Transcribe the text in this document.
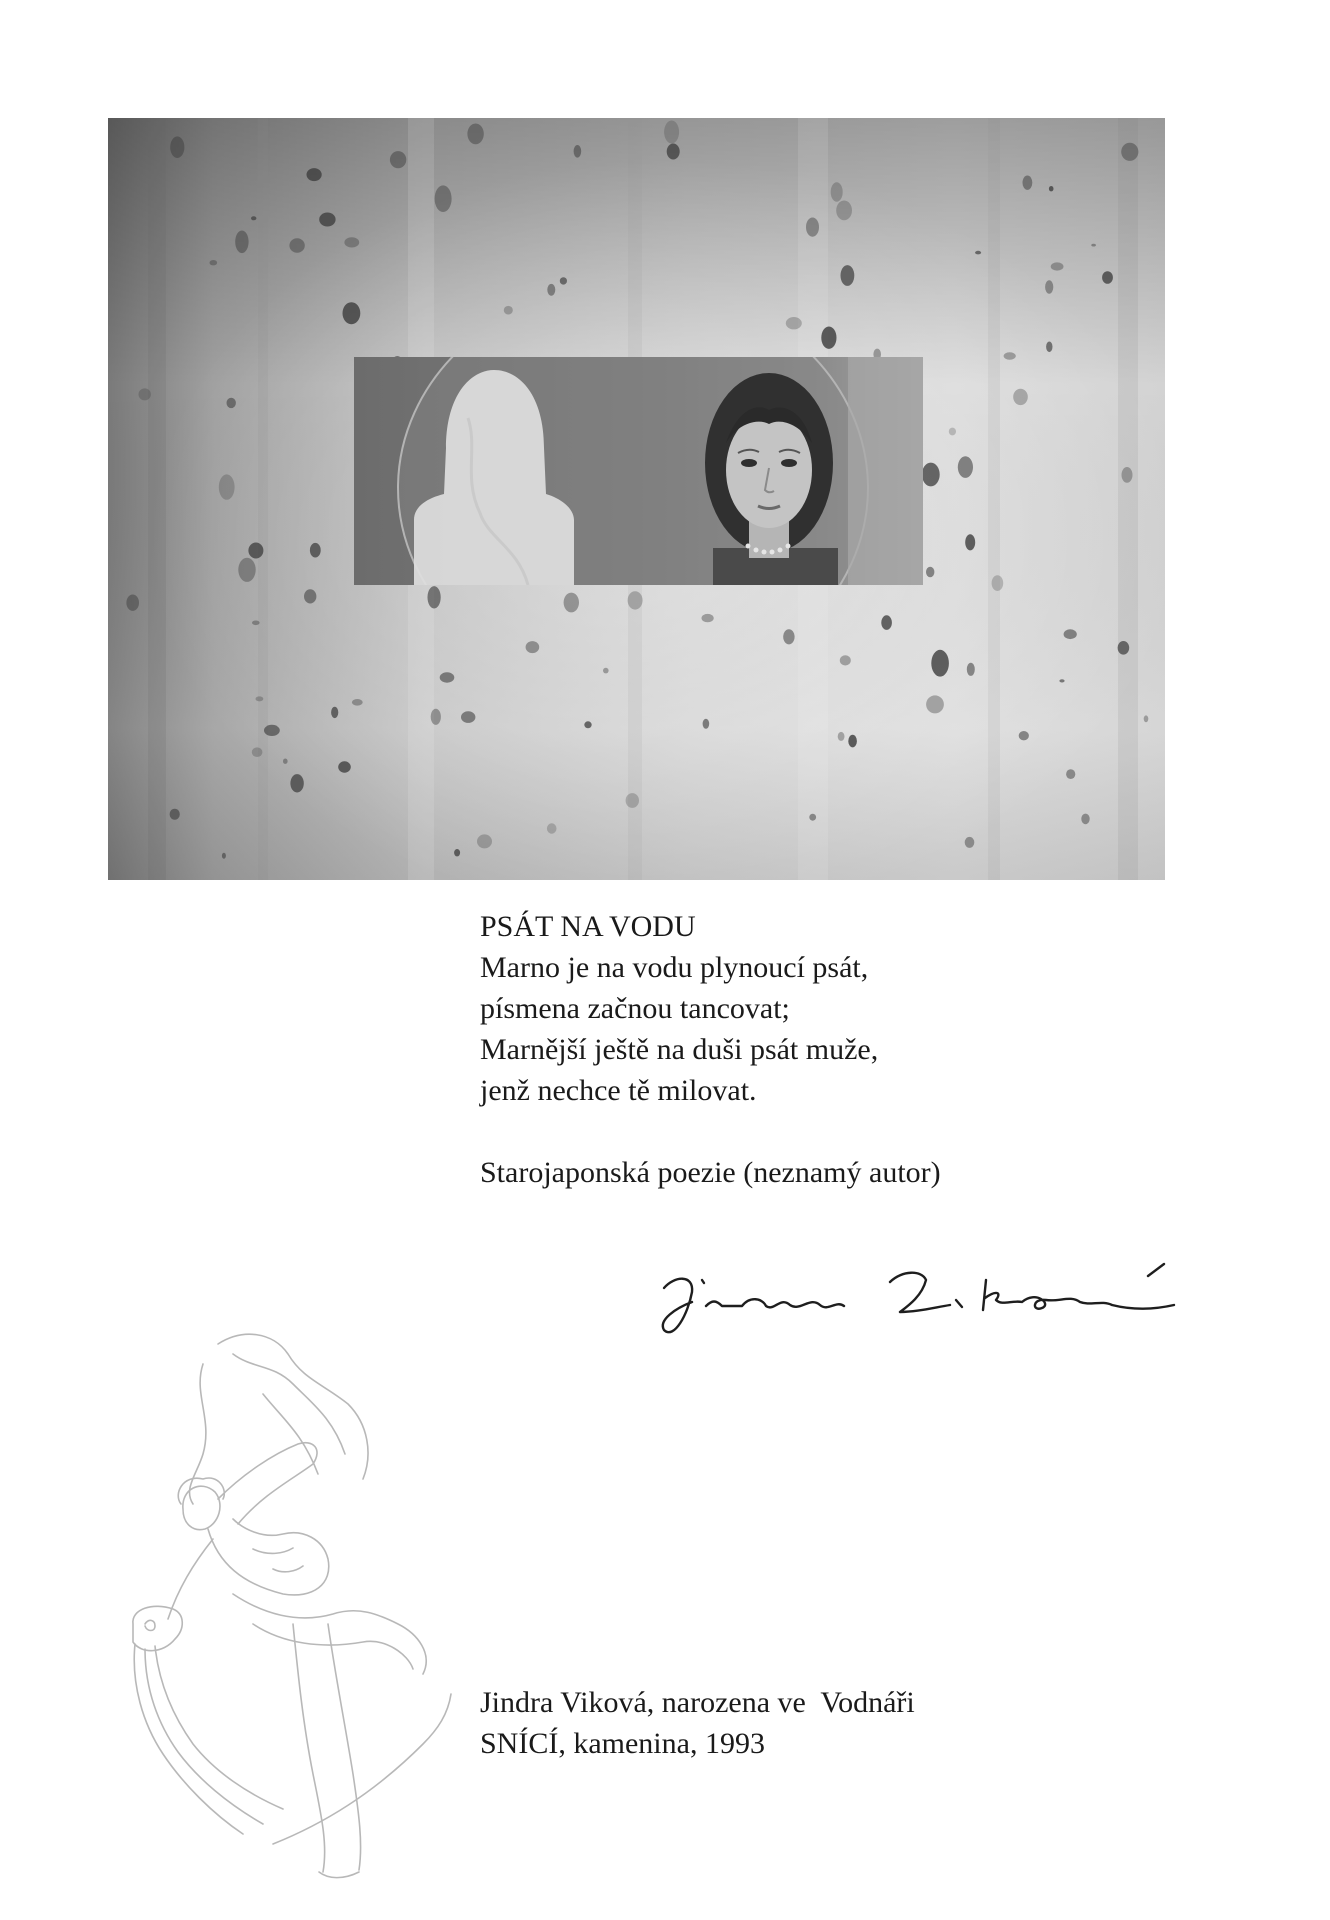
PSÁT NA VODU
Marno je na vodu plynoucí psát,
písmena začnou tancovat;
Marnější ještě na duši psát muže,
jenž nechce tě milovat.
Starojaponská poezie (neznamý autor)
Jindra Viková, narozena ve  Vodnáři
SNÍCÍ, kamenina, 1993
